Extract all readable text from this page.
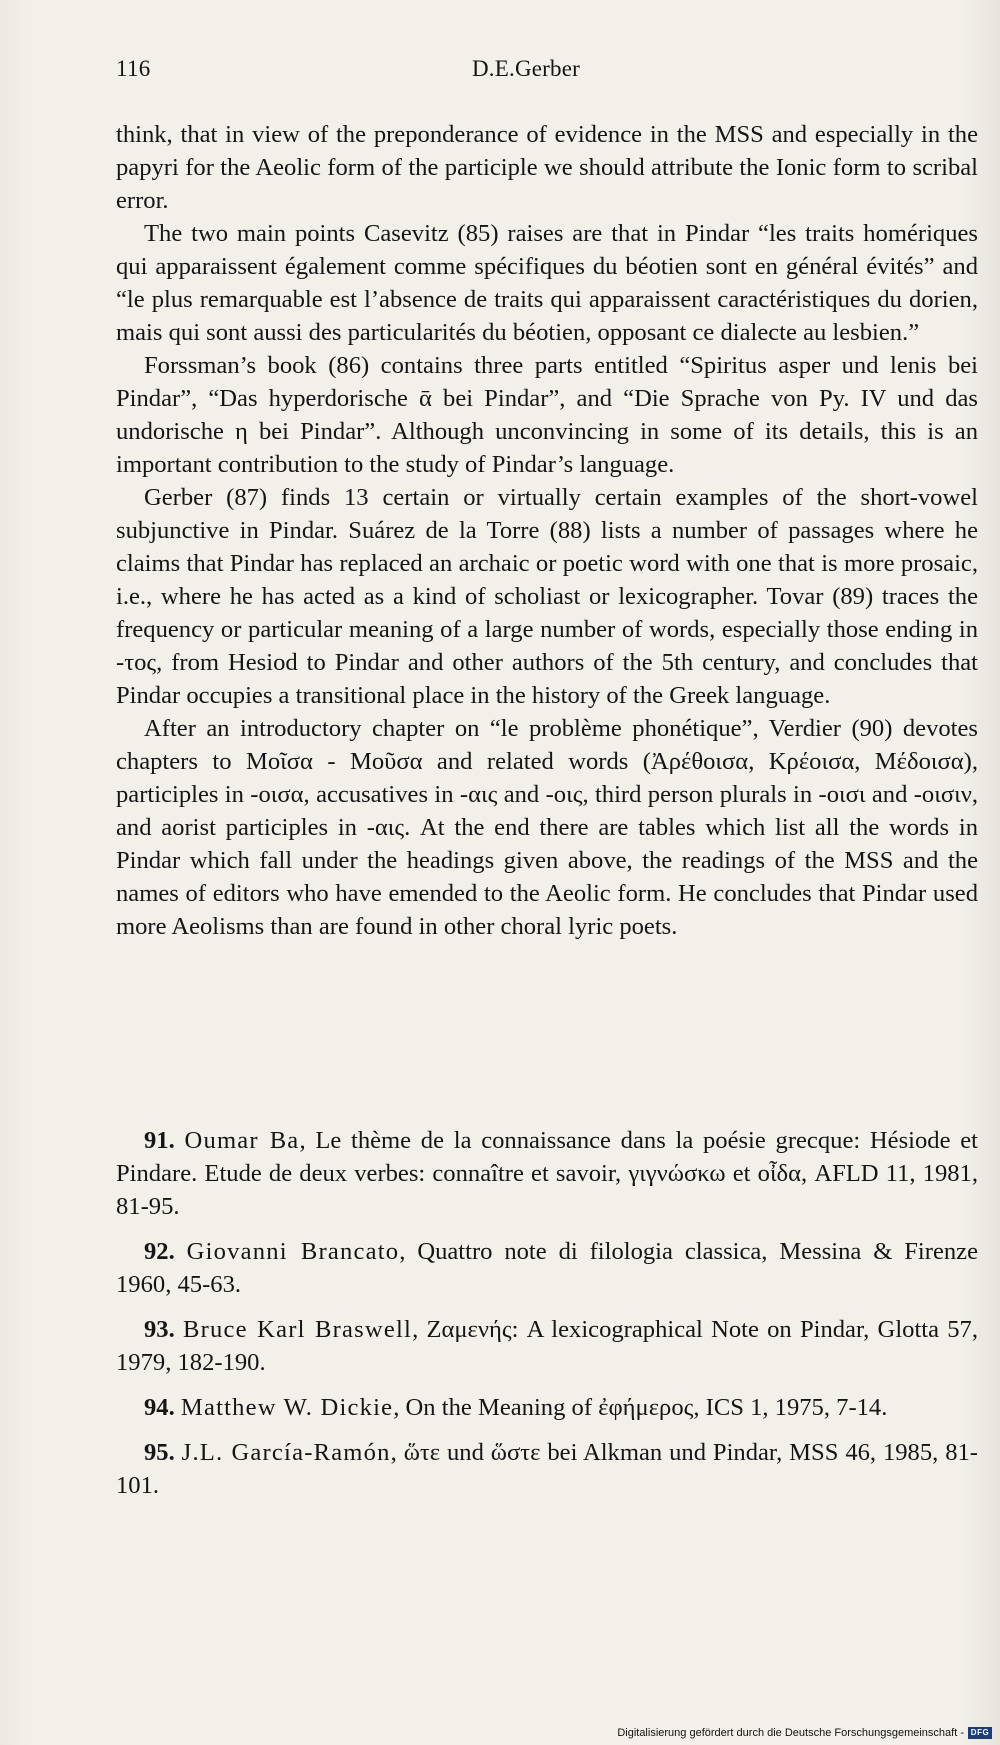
116	D.E.Gerber

think, that in view of the preponderance of evidence in the MSS and especially in the papyri for the Aeolic form of the participle we should attribute the Ionic form to scribal error.

The two main points Casevitz (85) raises are that in Pindar “les traits homériques qui apparaissent également comme spécifiques du béotien sont en général évités” and “le plus remarquable est l’absence de traits qui apparaissent caractéristiques du dorien, mais qui sont aussi des particularités du béotien, opposant ce dialecte au lesbien.”

Forssman’s book (86) contains three parts entitled “Spiritus asper und lenis bei Pindar”, “Das hyperdorische ᾱ bei Pindar”, and “Die Sprache von Py. IV und das undorische η bei Pindar”. Although unconvincing in some of its details, this is an important contribution to the study of Pindar’s language.

Gerber (87) finds 13 certain or virtually certain examples of the short-vowel subjunctive in Pindar. Suárez de la Torre (88) lists a number of passages where he claims that Pindar has replaced an archaic or poetic word with one that is more prosaic, i.e., where he has acted as a kind of scholiast or lexicographer. Tovar (89) traces the frequency or particular meaning of a large number of words, especially those ending in -τος, from Hesiod to Pindar and other authors of the 5th century, and concludes that Pindar occupies a transitional place in the history of the Greek language.

After an introductory chapter on “le problème phonétique”, Verdier (90) devotes chapters to Μοῖσα - Μοῦσα and related words (Ἀρέθοισα, Κρέοισα, Μέδοισα), participles in -οισα, accusatives in -αις and -οις, third person plurals in -οισι and -οισιν, and aorist participles in -αις. At the end there are tables which list all the words in Pindar which fall under the headings given above, the readings of the MSS and the names of editors who have emended to the Aeolic form. He concludes that Pindar used more Aeolisms than are found in other choral lyric poets.

91. Oumar Ba, Le thème de la connaissance dans la poésie grecque: Hésiode et Pindare. Etude de deux verbes: connaître et savoir, γιγνώσκω et οἶδα, AFLD 11, 1981, 81-95.

92. Giovanni Brancato, Quattro note di filologia classica, Messina & Firenze 1960, 45-63.

93. Bruce Karl Braswell, Ζαμενής: A lexicographical Note on Pindar, Glotta 57, 1979, 182-190.

94. Matthew W. Dickie, On the Meaning of ἐφήμερος, ICS 1, 1975, 7-14.

95. J.L. García-Ramón, ὥτε und ὥστε bei Alkman und Pindar, MSS 46, 1985, 81-101.

Digitalisierung gefördert durch die Deutsche Forschungsgemeinschaft - DFG
